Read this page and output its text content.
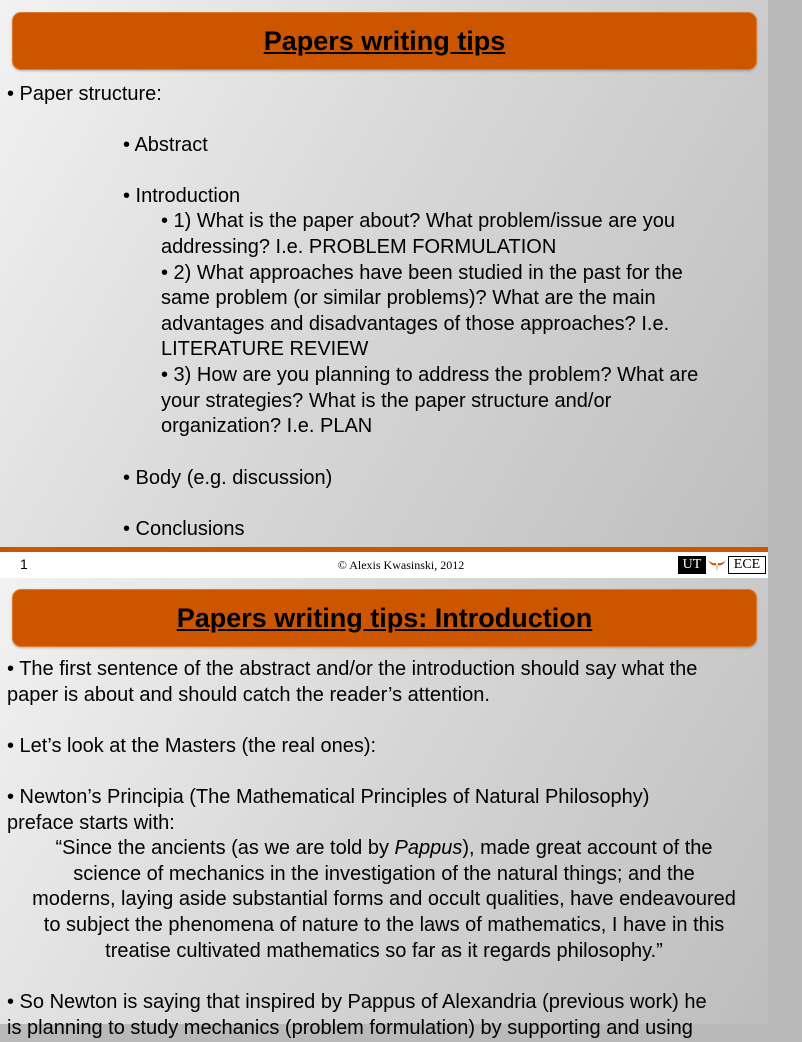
Papers writing tips
• Paper structure:
• Abstract
• Introduction
• 1) What is the paper about? What problem/issue are you
addressing? I.e. PROBLEM FORMULATION
• 2) What approaches have been studied in the past for the
same problem (or similar problems)? What are the main
advantages and disadvantages of those approaches? I.e.
LITERATURE REVIEW
• 3) How are you planning to address the problem? What are
your strategies? What is the paper structure and/or
organization? I.e. PLAN
• Body (e.g. discussion)
• Conclusions
1	© Alexis Kwasinski, 2012	UT	ECE
Papers writing tips: Introduction
• The first sentence of the abstract and/or the introduction should say what the
paper is about and should catch the reader’s attention.
• Let’s look at the Masters (the real ones):
• Newton’s Principia (The Mathematical Principles of Natural Philosophy)
preface starts with:
“Since the ancients (as we are told by Pappus), made great account of the
science of mechanics in the investigation of the natural things; and the
moderns, laying aside substantial forms and occult qualities, have endeavoured
to subject the phenomena of nature to the laws of mathematics, I have in this
treatise cultivated mathematics so far as it regards philosophy.”
• So Newton is saying that inspired by Pappus of Alexandria (previous work) he
is planning to study mechanics (problem formulation) by supporting and using
